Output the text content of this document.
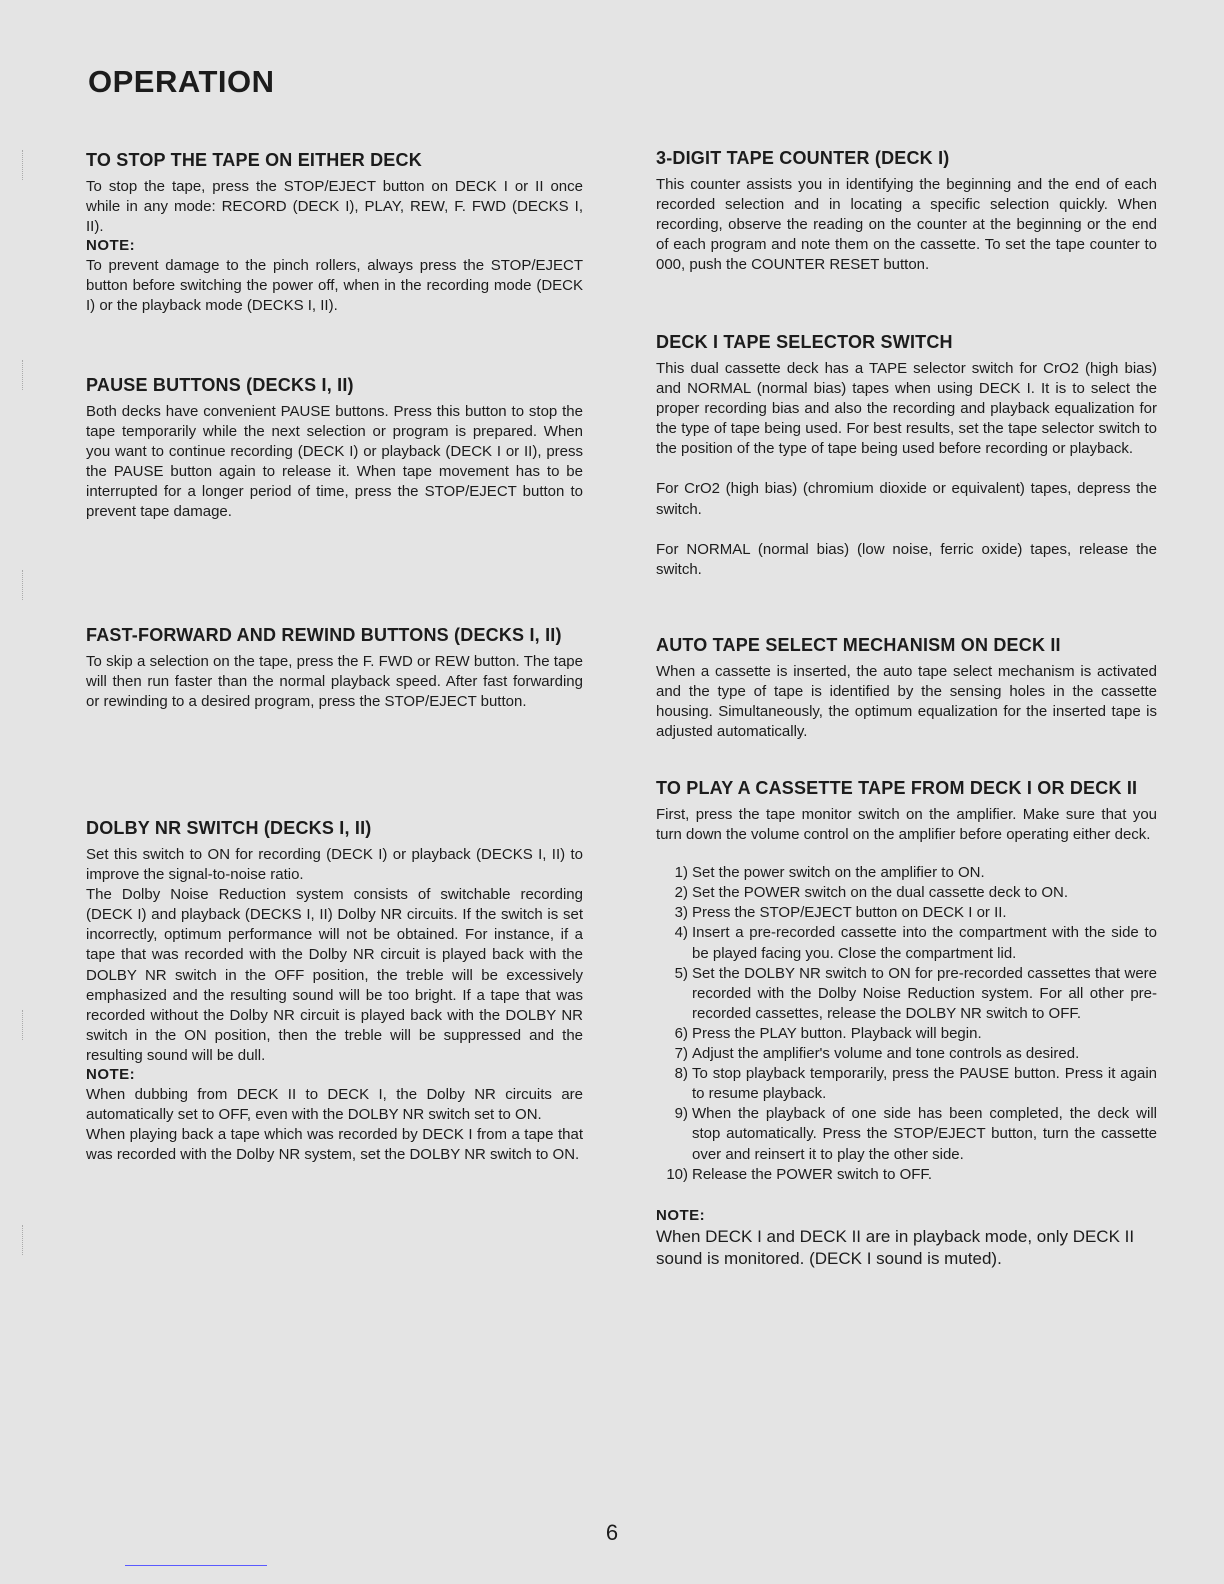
OPERATION
TO STOP THE TAPE ON EITHER DECK

To stop the tape, press the STOP/EJECT button on DECK I or II once while in any mode: RECORD (DECK I), PLAY, REW, F. FWD (DECKS I, II).

NOTE:

To prevent damage to the pinch rollers, always press the STOP/EJECT button before switching the power off, when in the recording mode (DECK I) or the playback mode (DECKS I, II).

PAUSE BUTTONS (DECKS I, II)

Both decks have convenient PAUSE buttons. Press this button to stop the tape temporarily while the next selection or program is prepared. When you want to continue recording (DECK I) or playback (DECK I or II), press the PAUSE button again to release it. When tape movement has to be interrupted for a longer period of time, press the STOP/EJECT button to prevent tape damage.

FAST-FORWARD AND REWIND BUTTONS (DECKS I, II)

To skip a selection on the tape, press the F. FWD or REW button. The tape will then run faster than the normal playback speed. After fast forwarding or rewinding to a desired program, press the STOP/EJECT button.

DOLBY NR SWITCH (DECKS I, II)

Set this switch to ON for recording (DECK I) or playback (DECKS I, II) to improve the signal-to-noise ratio.

The Dolby Noise Reduction system consists of switchable recording (DECK I) and playback (DECKS I, II) Dolby NR circuits. If the switch is set incorrectly, optimum performance will not be obtained. For instance, if a tape that was recorded with the Dolby NR circuit is played back with the DOLBY NR switch in the OFF position, the treble will be excessively emphasized and the resulting sound will be too bright. If a tape that was recorded without the Dolby NR circuit is played back with the DOLBY NR switch in the ON position, then the treble will be suppressed and the resulting sound will be dull.

NOTE:

When dubbing from DECK II to DECK I, the Dolby NR circuits are automatically set to OFF, even with the DOLBY NR switch set to ON.

When playing back a tape which was recorded by DECK I from a tape that was recorded with the Dolby NR system, set the DOLBY NR switch to ON.

3-DIGIT TAPE COUNTER (DECK I)

This counter assists you in identifying the beginning and the end of each recorded selection and in locating a specific selection quickly. When recording, observe the reading on the counter at the beginning or the end of each program and note them on the cassette. To set the tape counter to 000, push the COUNTER RESET button.

DECK I TAPE SELECTOR SWITCH

This dual cassette deck has a TAPE selector switch for CrO2 (high bias) and NORMAL (normal bias) tapes when using DECK I. It is to select the proper recording bias and also the recording and playback equalization for the type of tape being used. For best results, set the tape selector switch to the position of the type of tape being used before recording or playback.

For CrO2 (high bias) (chromium dioxide or equivalent) tapes, depress the switch.

For NORMAL (normal bias) (low noise, ferric oxide) tapes, release the switch.

AUTO TAPE SELECT MECHANISM ON DECK II

When a cassette is inserted, the auto tape select mechanism is activated and the type of tape is identified by the sensing holes in the cassette housing. Simultaneously, the optimum equalization for the inserted tape is adjusted automatically.

TO PLAY A CASSETTE TAPE FROM DECK I OR DECK II

First, press the tape monitor switch on the amplifier. Make sure that you turn down the volume control on the amplifier before operating either deck.

1) Set the power switch on the amplifier to ON.
2) Set the POWER switch on the dual cassette deck to ON.
3) Press the STOP/EJECT button on DECK I or II.
4) Insert a pre-recorded cassette into the compartment with the side to be played facing you. Close the compartment lid.
5) Set the DOLBY NR switch to ON for pre-recorded cassettes that were recorded with the Dolby Noise Reduction system. For all other pre-recorded cassettes, release the DOLBY NR switch to OFF.
6) Press the PLAY button. Playback will begin.
7) Adjust the amplifier's volume and tone controls as desired.
8) To stop playback temporarily, press the PAUSE button. Press it again to resume playback.
9) When the playback of one side has been completed, the deck will stop automatically. Press the STOP/EJECT button, turn the cassette over and reinsert it to play the other side.
10) Release the POWER switch to OFF.

NOTE:

When DECK I and DECK II are in playback mode, only DECK II sound is monitored. (DECK I sound is muted).

6
